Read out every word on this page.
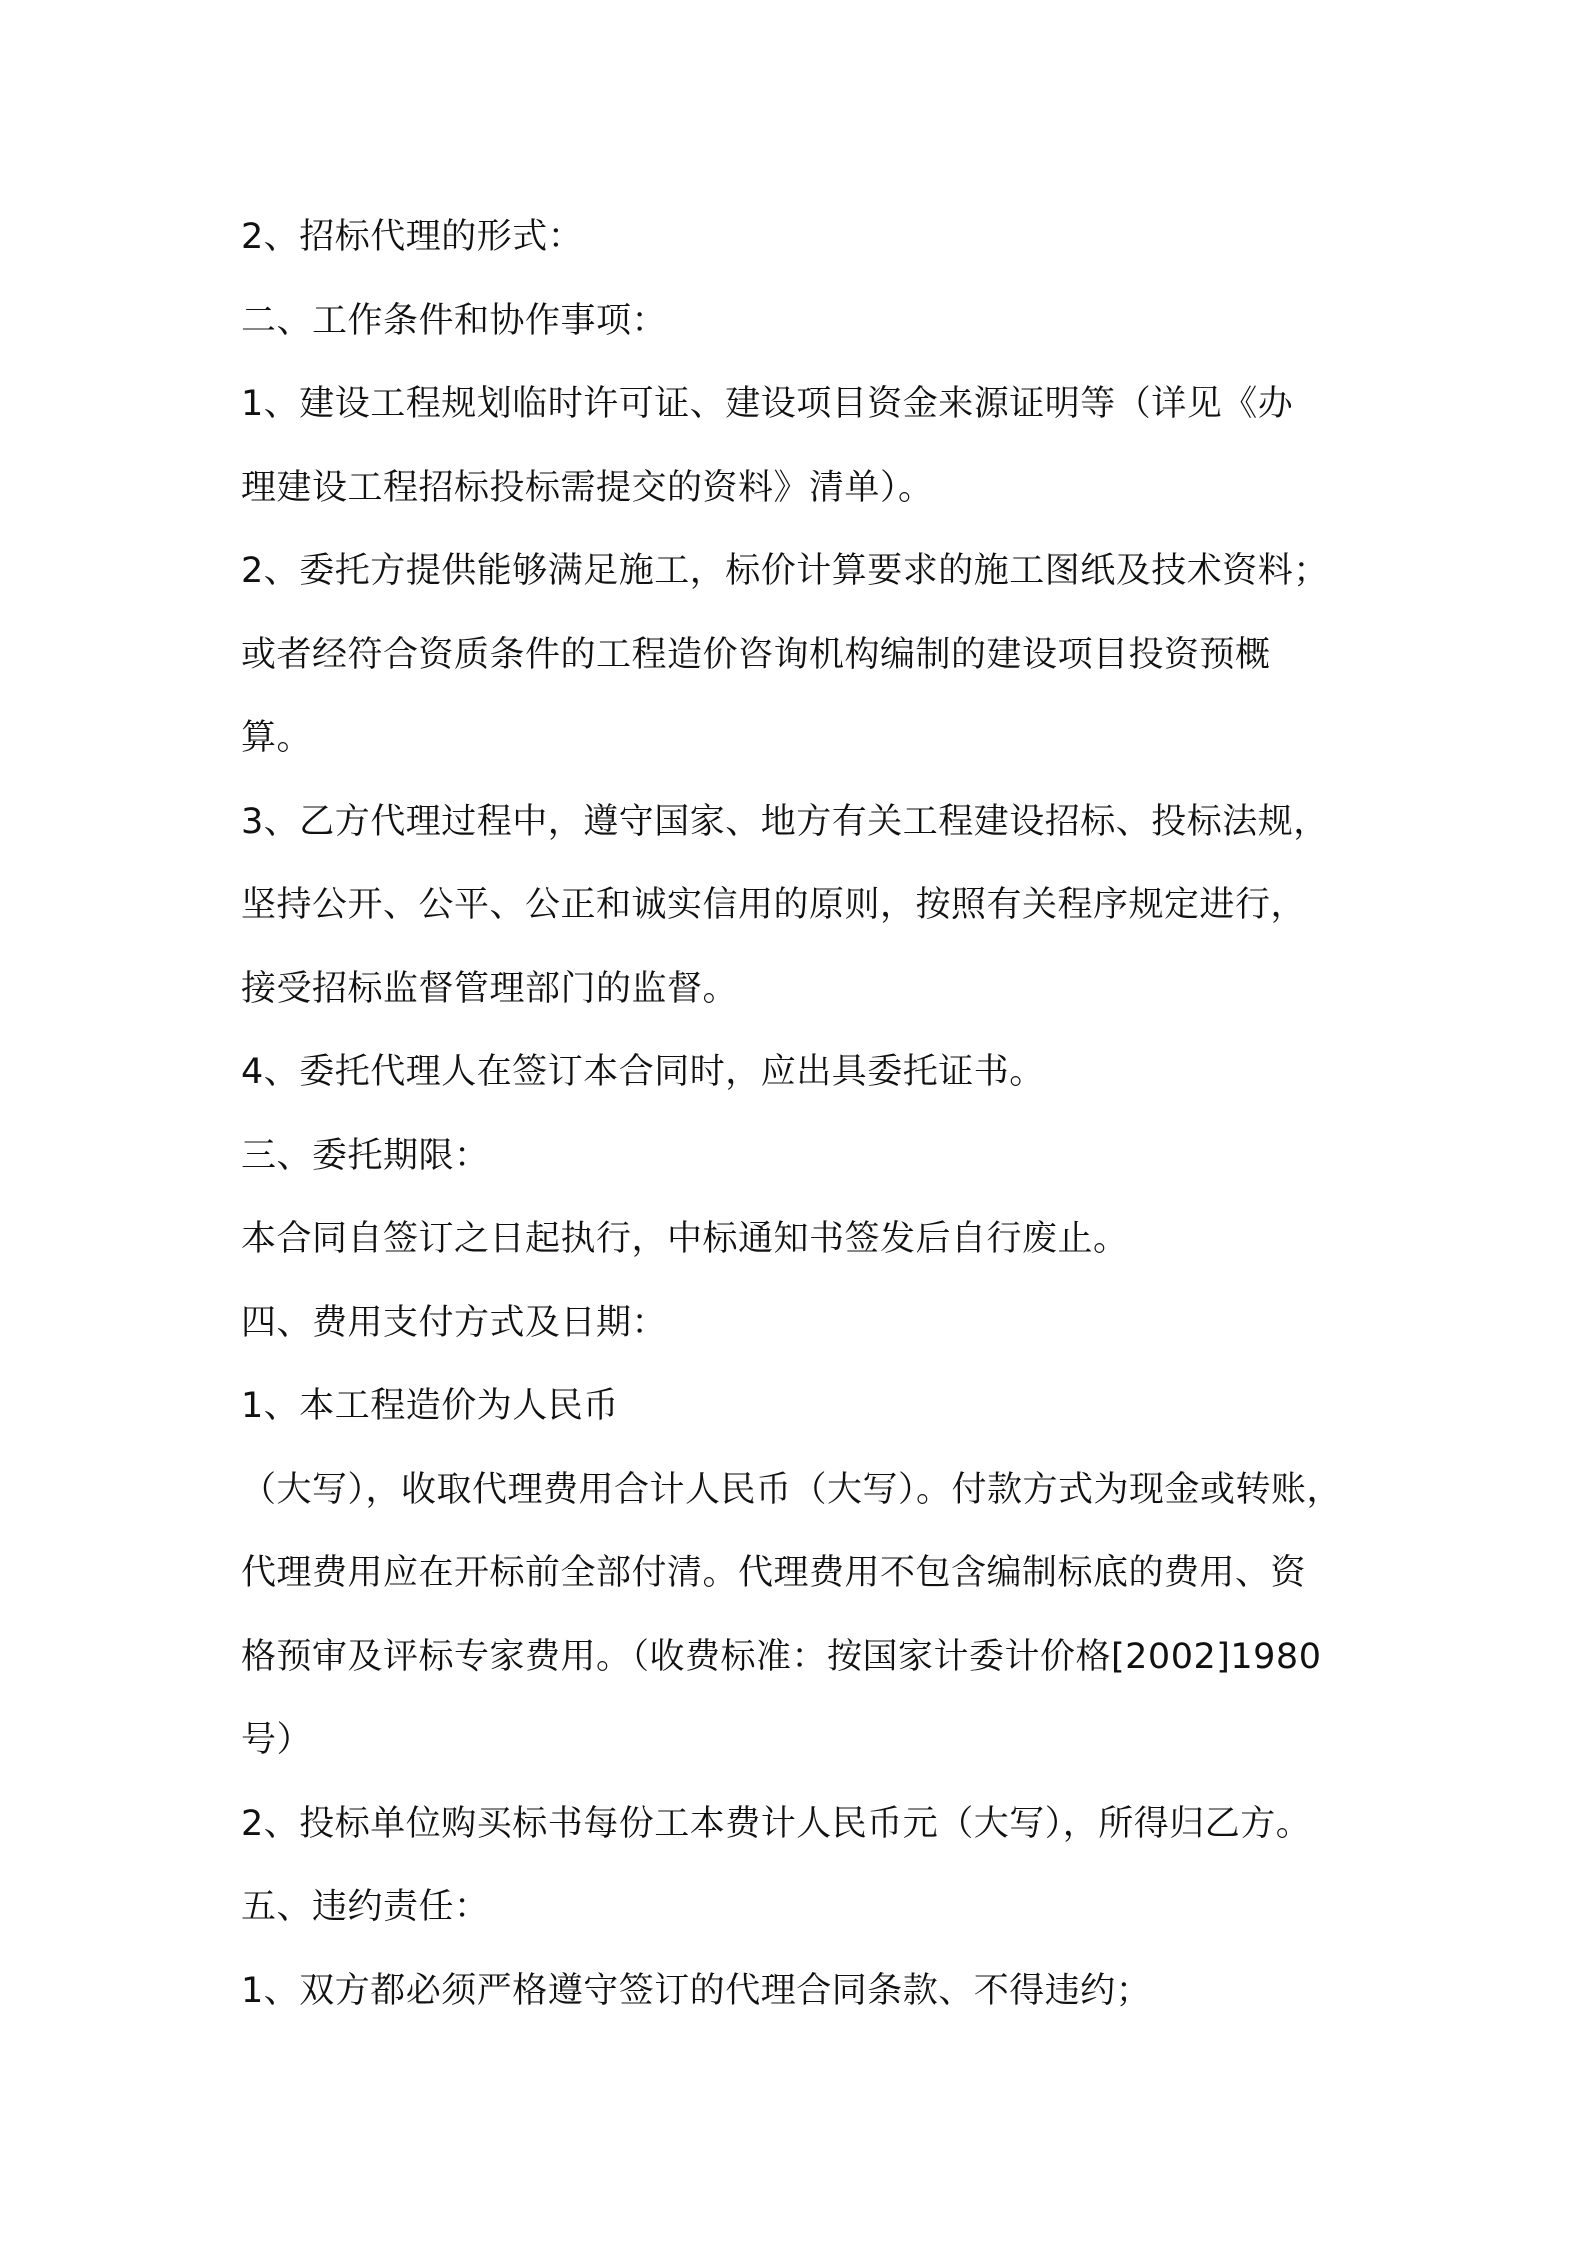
2、招标代理的形式：

二、工作条件和协作事项：

1、建设工程规划临时许可证、建设项目资金来源证明等（详见《办

理建设工程招标投标需提交的资料》清单）。

2、委托方提供能够满足施工，标价计算要求的施工图纸及技术资料；

或者经符合资质条件的工程造价咨询机构编制的建设项目投资预概

算。

3、乙方代理过程中，遵守国家、地方有关工程建设招标、投标法规，

坚持公开、公平、公正和诚实信用的原则，按照有关程序规定进行，

接受招标监督管理部门的监督。

4、委托代理人在签订本合同时，应出具委托证书。

三、委托期限：

本合同自签订之日起执行，中标通知书签发后自行废止。

四、费用支付方式及日期：

1、本工程造价为人民币

（大写），收取代理费用合计人民币（大写）。付款方式为现金或转账，

代理费用应在开标前全部付清。代理费用不包含编制标底的费用、资

格预审及评标专家费用。（收费标准：按国家计委计价格[2002]1980

号）

2、投标单位购买标书每份工本费计人民币元（大写），所得归乙方。

五、违约责任：

1、双方都必须严格遵守签订的代理合同条款、不得违约；
